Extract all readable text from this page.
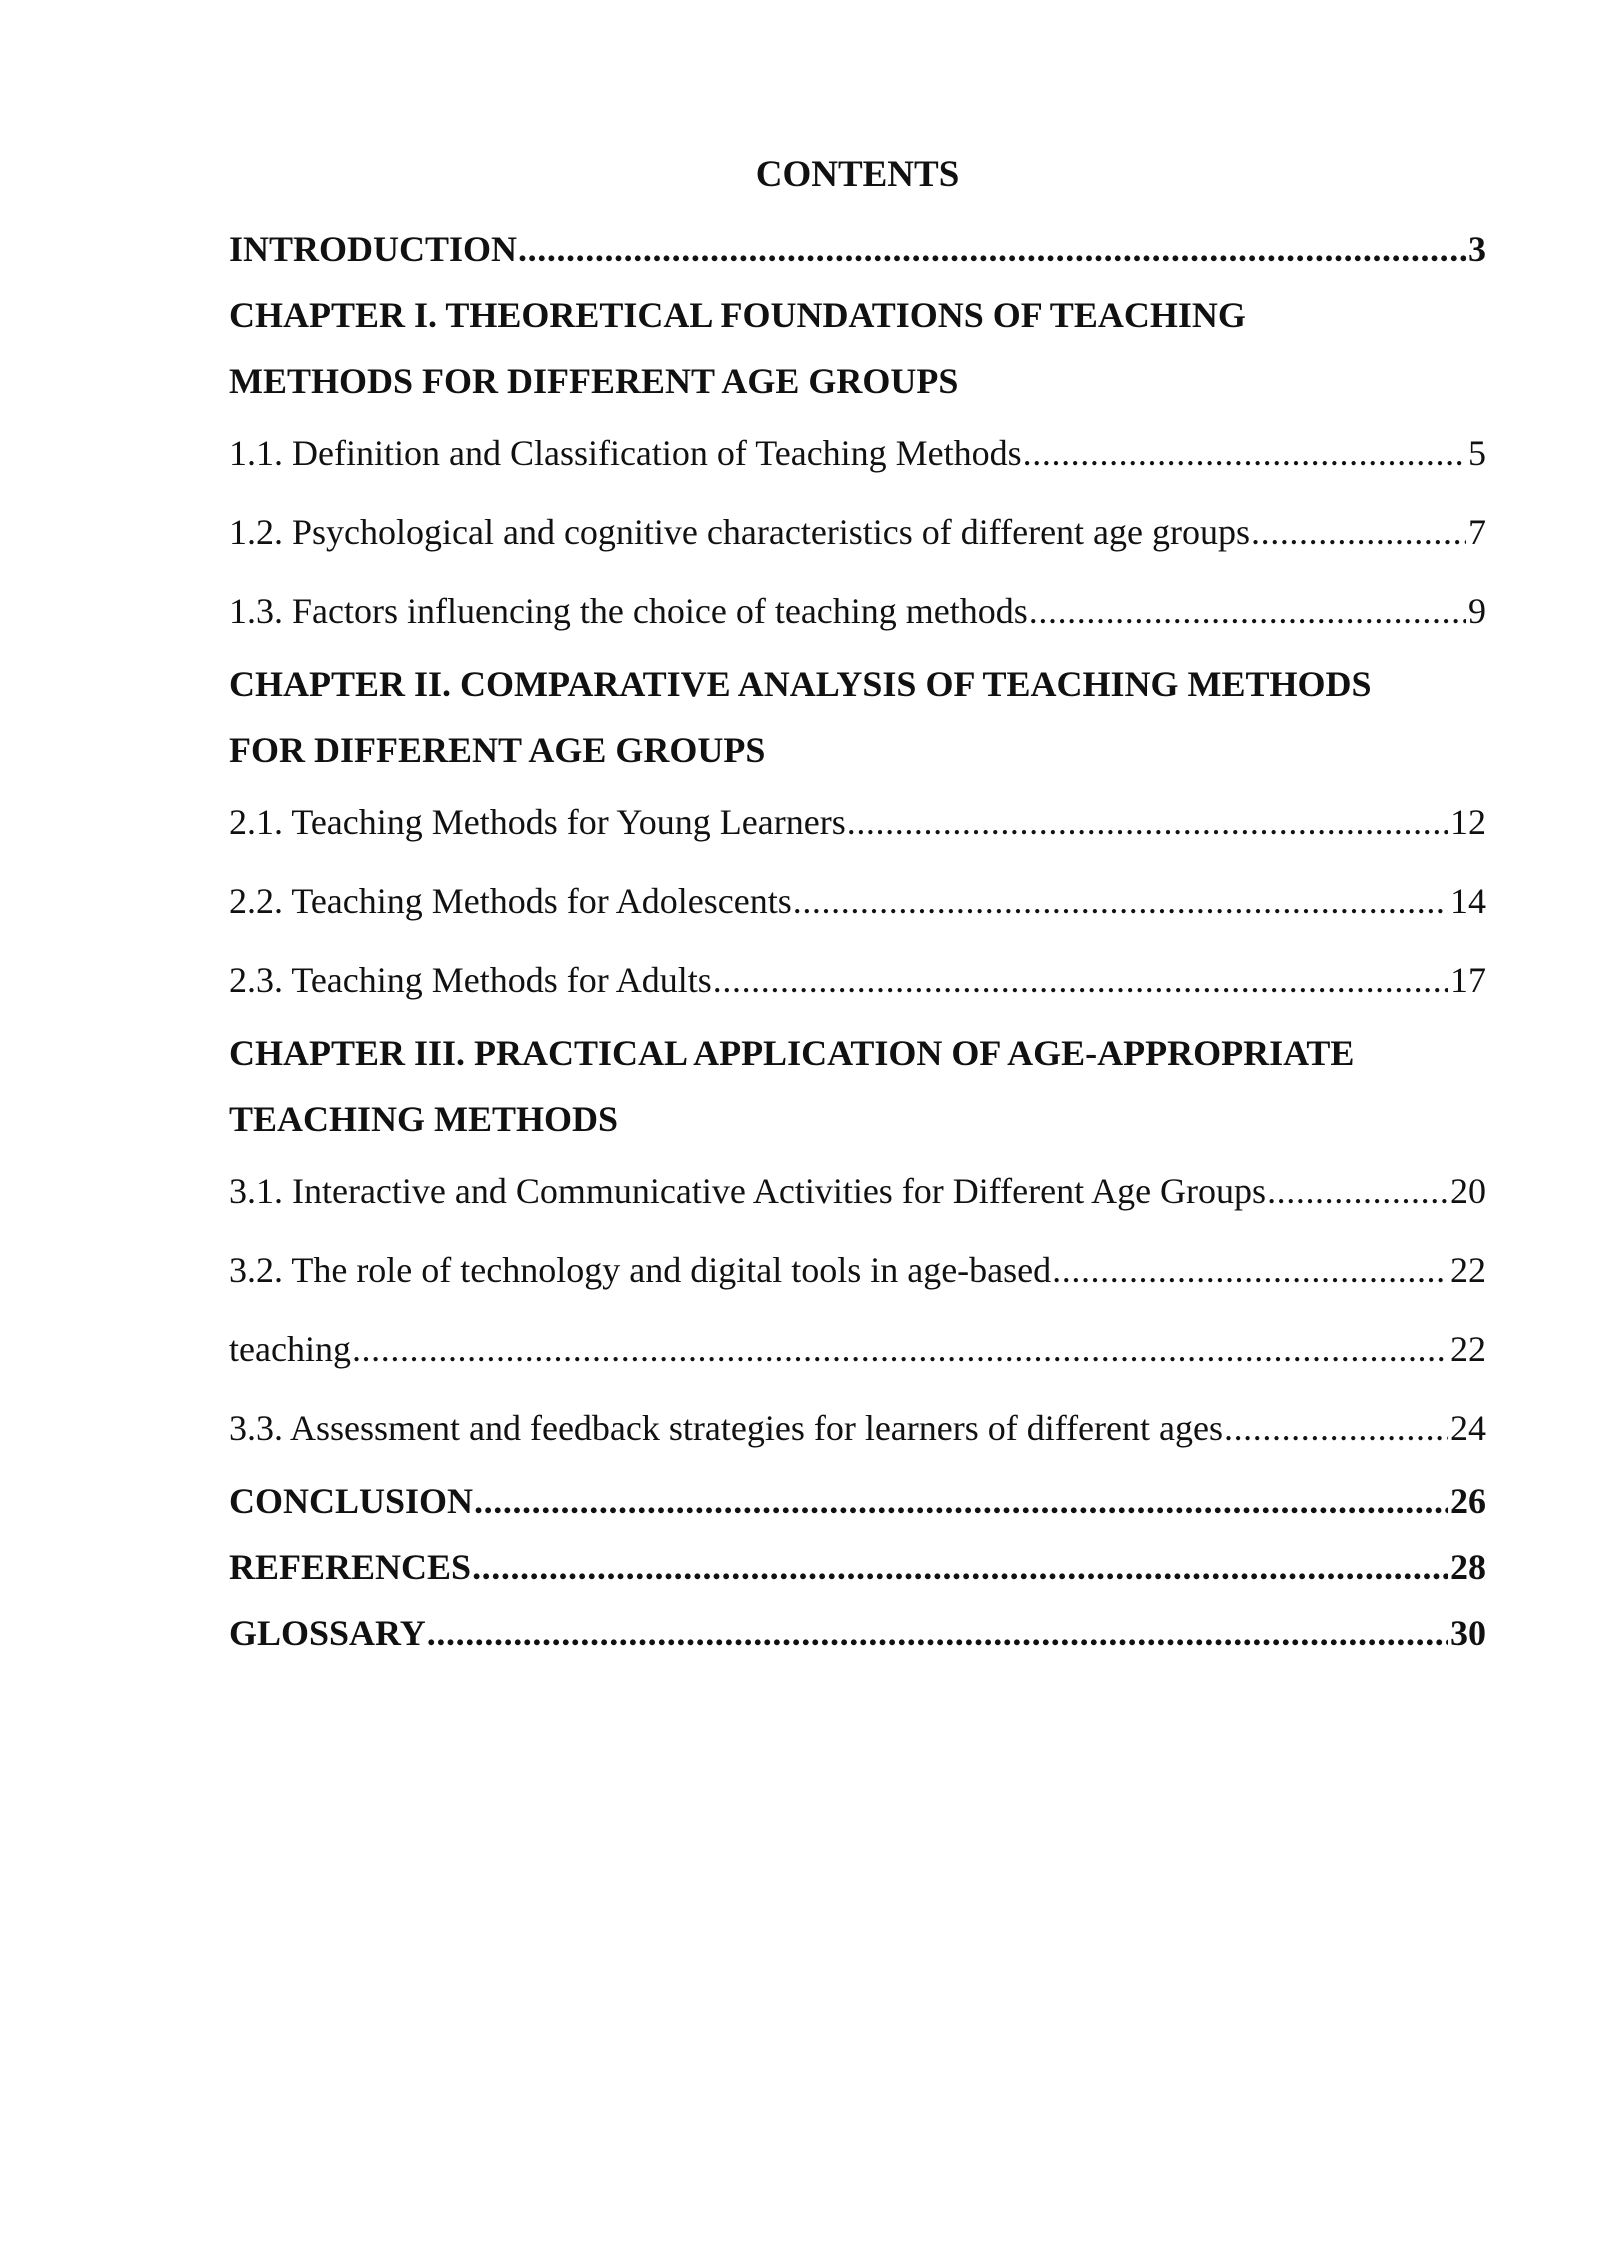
CONTENTS
INTRODUCTION .....	3
CHAPTER I. THEORETICAL FOUNDATIONS OF TEACHING
METHODS FOR DIFFERENT AGE GROUPS
1.1. Definition and Classification of Teaching Methods .....	5
1.2. Psychological and cognitive characteristics of different age groups .....	7
1.3. Factors influencing the choice of teaching methods .....	9
CHAPTER II. COMPARATIVE ANALYSIS OF TEACHING METHODS
FOR DIFFERENT AGE GROUPS
2.1. Teaching Methods for Young Learners .....	12
2.2. Teaching Methods for Adolescents .....	14
2.3. Teaching Methods for Adults .....	17
CHAPTER III. PRACTICAL APPLICATION OF AGE-APPROPRIATE
TEACHING METHODS
3.1. Interactive and Communicative Activities for Different Age Groups .....	20
3.2. The role of technology and digital tools in age-based .....	22
teaching .....	22
3.3. Assessment and feedback strategies for learners of different ages .....	24
CONCLUSION .....	26
REFERENCES .....	28
GLOSSARY .....	30
